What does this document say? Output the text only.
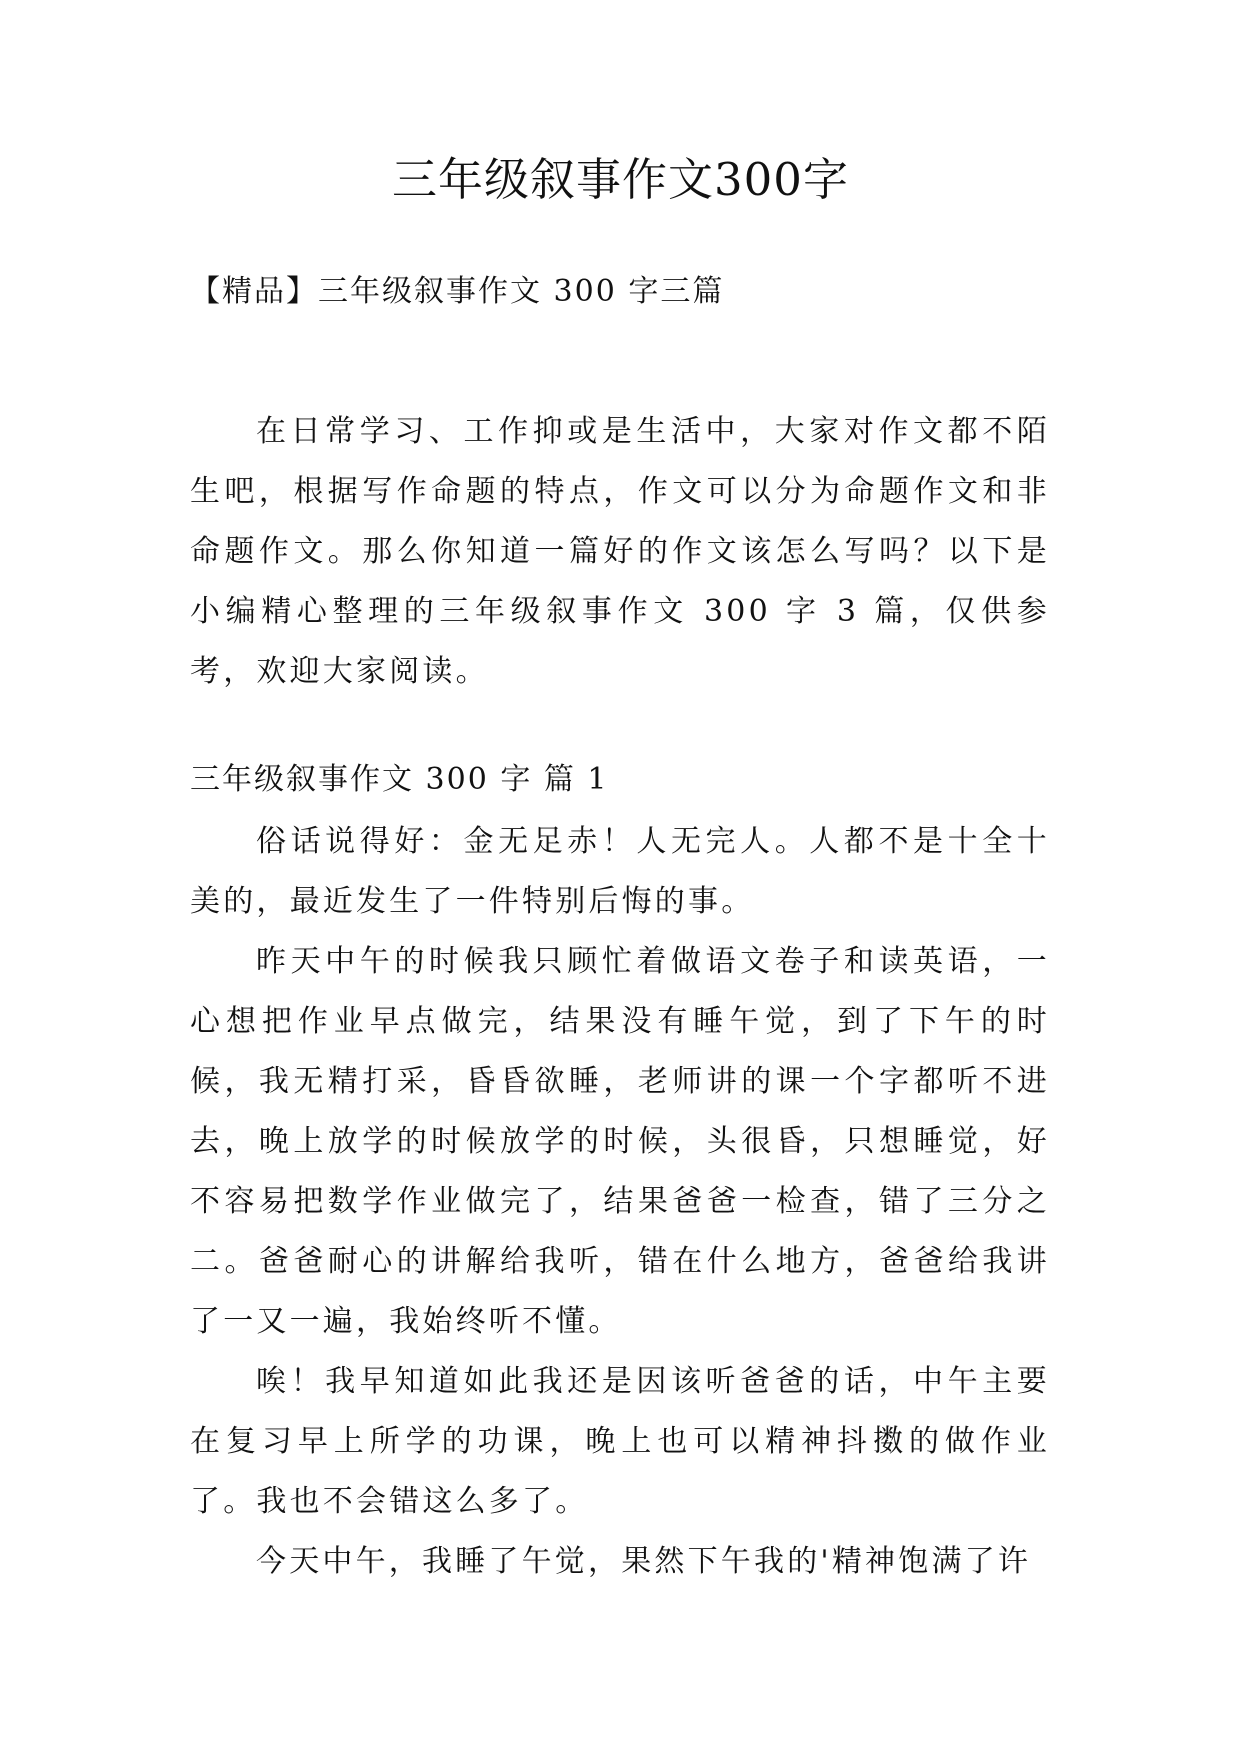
三年级叙事作文300字

【精品】三年级叙事作文 300 字三篇

在日常学习、工作抑或是生活中，大家对作文都不陌生吧，根据写作命题的特点，作文可以分为命题作文和非命题作文。那么你知道一篇好的作文该怎么写吗？以下是小编精心整理的三年级叙事作文 300 字 3 篇，仅供参考，欢迎大家阅读。

三年级叙事作文 300 字 篇 1

俗话说得好：金无足赤！人无完人。人都不是十全十美的，最近发生了一件特别后悔的事。

昨天中午的时候我只顾忙着做语文卷子和读英语，一心想把作业早点做完，结果没有睡午觉，到了下午的时候，我无精打采，昏昏欲睡，老师讲的课一个字都听不进去，晚上放学的时候放学的时候，头很昏，只想睡觉，好不容易把数学作业做完了，结果爸爸一检查，错了三分之二。爸爸耐心的讲解给我听，错在什么地方，爸爸给我讲了一又一遍，我始终听不懂。

唉！我早知道如此我还是因该听爸爸的话，中午主要在复习早上所学的功课，晚上也可以精神抖擞的做作业了。我也不会错这么多了。

今天中午，我睡了午觉，果然下午我的'精神饱满了许
